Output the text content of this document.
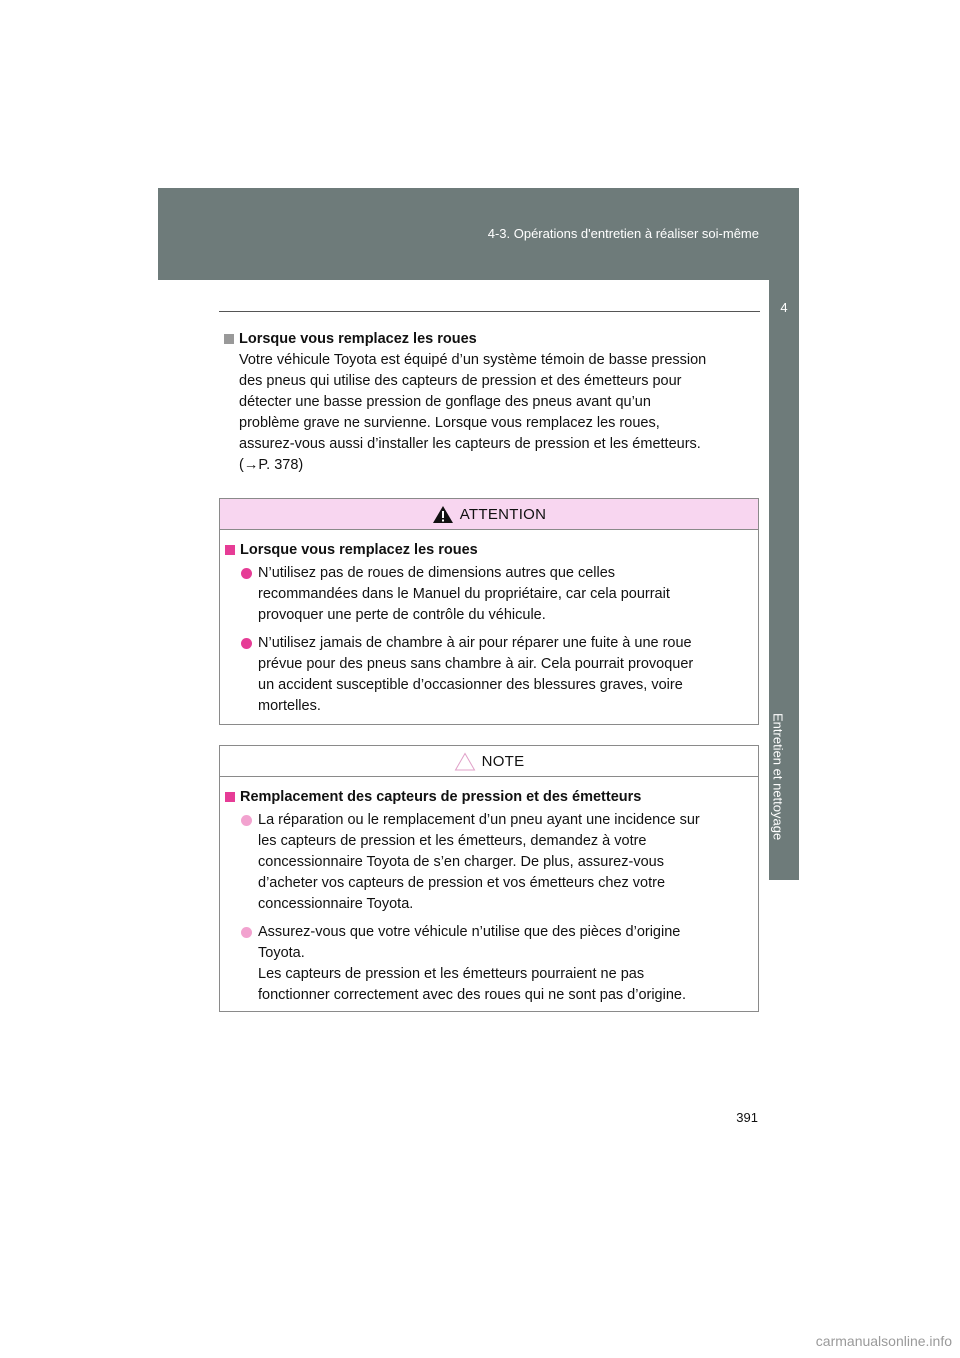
4-3. Opérations d'entretien à réaliser soi-même
4
Entretien et nettoyage
Lorsque vous remplacez les roues
Votre véhicule Toyota est équipé d’un système témoin de basse pression
des pneus qui utilise des capteurs de pression et des émetteurs pour
détecter une basse pression de gonflage des pneus avant qu’un
problème grave ne survienne. Lorsque vous remplacez les roues,
assurez-vous aussi d’installer les capteurs de pression et les émetteurs.
(→P. 378)
ATTENTION
Lorsque vous remplacez les roues
N’utilisez pas de roues de dimensions autres que celles
recommandées dans le Manuel du propriétaire, car cela pourrait
provoquer une perte de contrôle du véhicule.
N’utilisez jamais de chambre à air pour réparer une fuite à une roue
prévue pour des pneus sans chambre à air. Cela pourrait provoquer
un accident susceptible d’occasionner des blessures graves, voire
mortelles.
NOTE
Remplacement des capteurs de pression et des émetteurs
La réparation ou le remplacement d’un pneu ayant une incidence sur
les capteurs de pression et les émetteurs, demandez à votre
concessionnaire Toyota de s’en charger. De plus, assurez-vous
d’acheter vos capteurs de pression et vos émetteurs chez votre
concessionnaire Toyota.
Assurez-vous que votre véhicule n’utilise que des pièces d’origine
Toyota.
Les capteurs de pression et les émetteurs pourraient ne pas
fonctionner correctement avec des roues qui ne sont pas d’origine.
391
carmanualsonline.info
